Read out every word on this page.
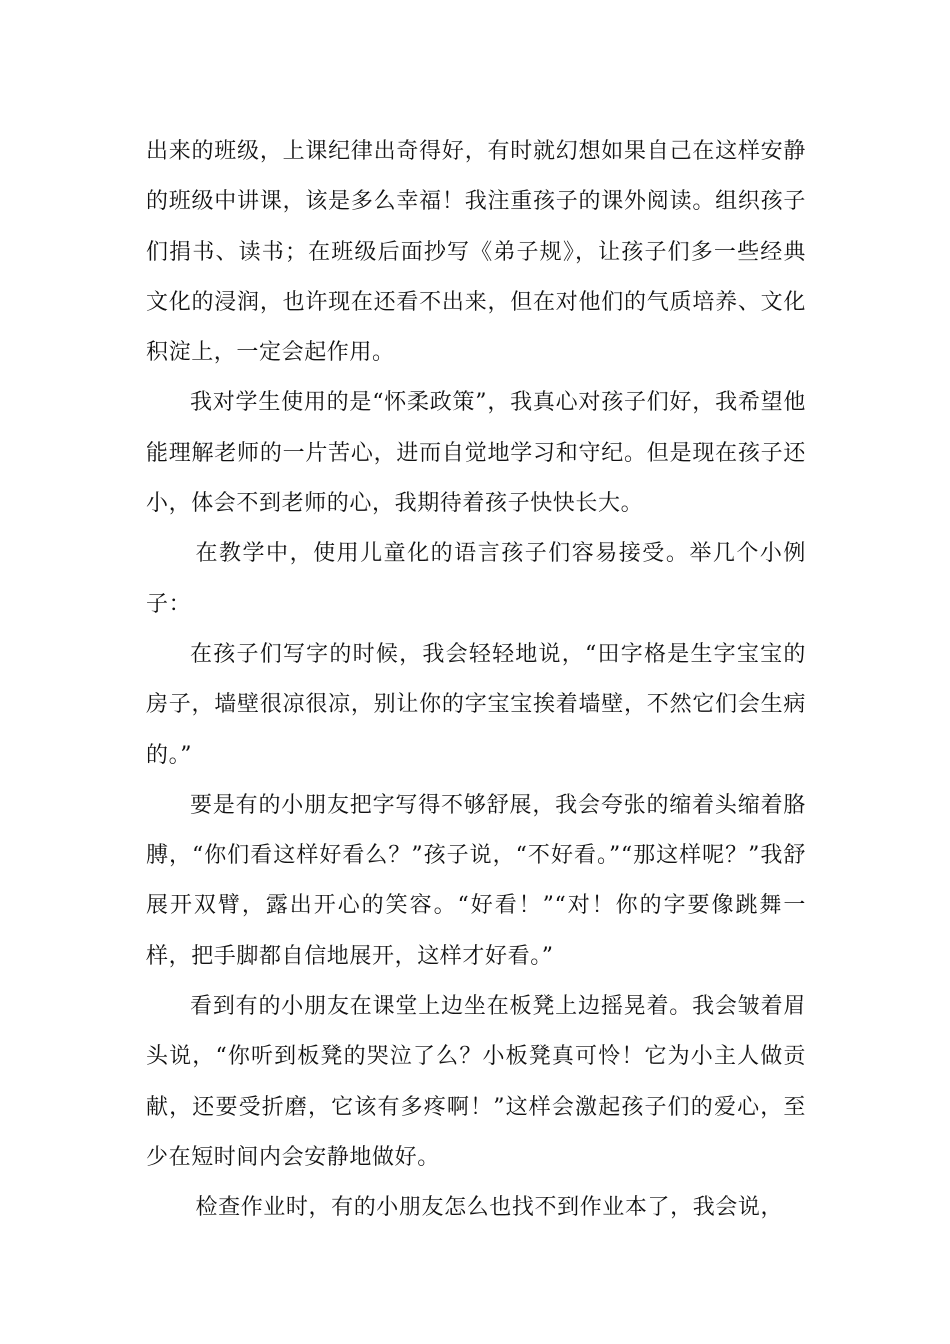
出来的班级，上课纪律出奇得好，有时就幻想如果自己在这样安静的班级中讲课，该是多么幸福！我注重孩子的课外阅读。组织孩子们捐书、读书；在班级后面抄写《弟子规》，让孩子们多一些经典文化的浸润，也许现在还看不出来，但在对他们的气质培养、文化积淀上，一定会起作用。

我对学生使用的是“怀柔政策”，我真心对孩子们好，我希望他能理解老师的一片苦心，进而自觉地学习和守纪。但是现在孩子还小，体会不到老师的心，我期待着孩子快快长大。

在教学中，使用儿童化的语言孩子们容易接受。举几个小例子：

在孩子们写字的时候，我会轻轻地说，“田字格是生字宝宝的房子，墙壁很凉很凉，别让你的字宝宝挨着墙壁，不然它们会生病的。”

要是有的小朋友把字写得不够舒展，我会夸张的缩着头缩着胳膊，“你们看这样好看么？”孩子说，“不好看。”“那这样呢？”我舒展开双臂，露出开心的笑容。“好看！”“对！你的字要像跳舞一样，把手脚都自信地展开，这样才好看。”

看到有的小朋友在课堂上边坐在板凳上边摇晃着。我会皱着眉头说，“你听到板凳的哭泣了么？小板凳真可怜！它为小主人做贡献，还要受折磨，它该有多疼啊！”这样会激起孩子们的爱心，至少在短时间内会安静地做好。

检查作业时，有的小朋友怎么也找不到作业本了，我会说，
